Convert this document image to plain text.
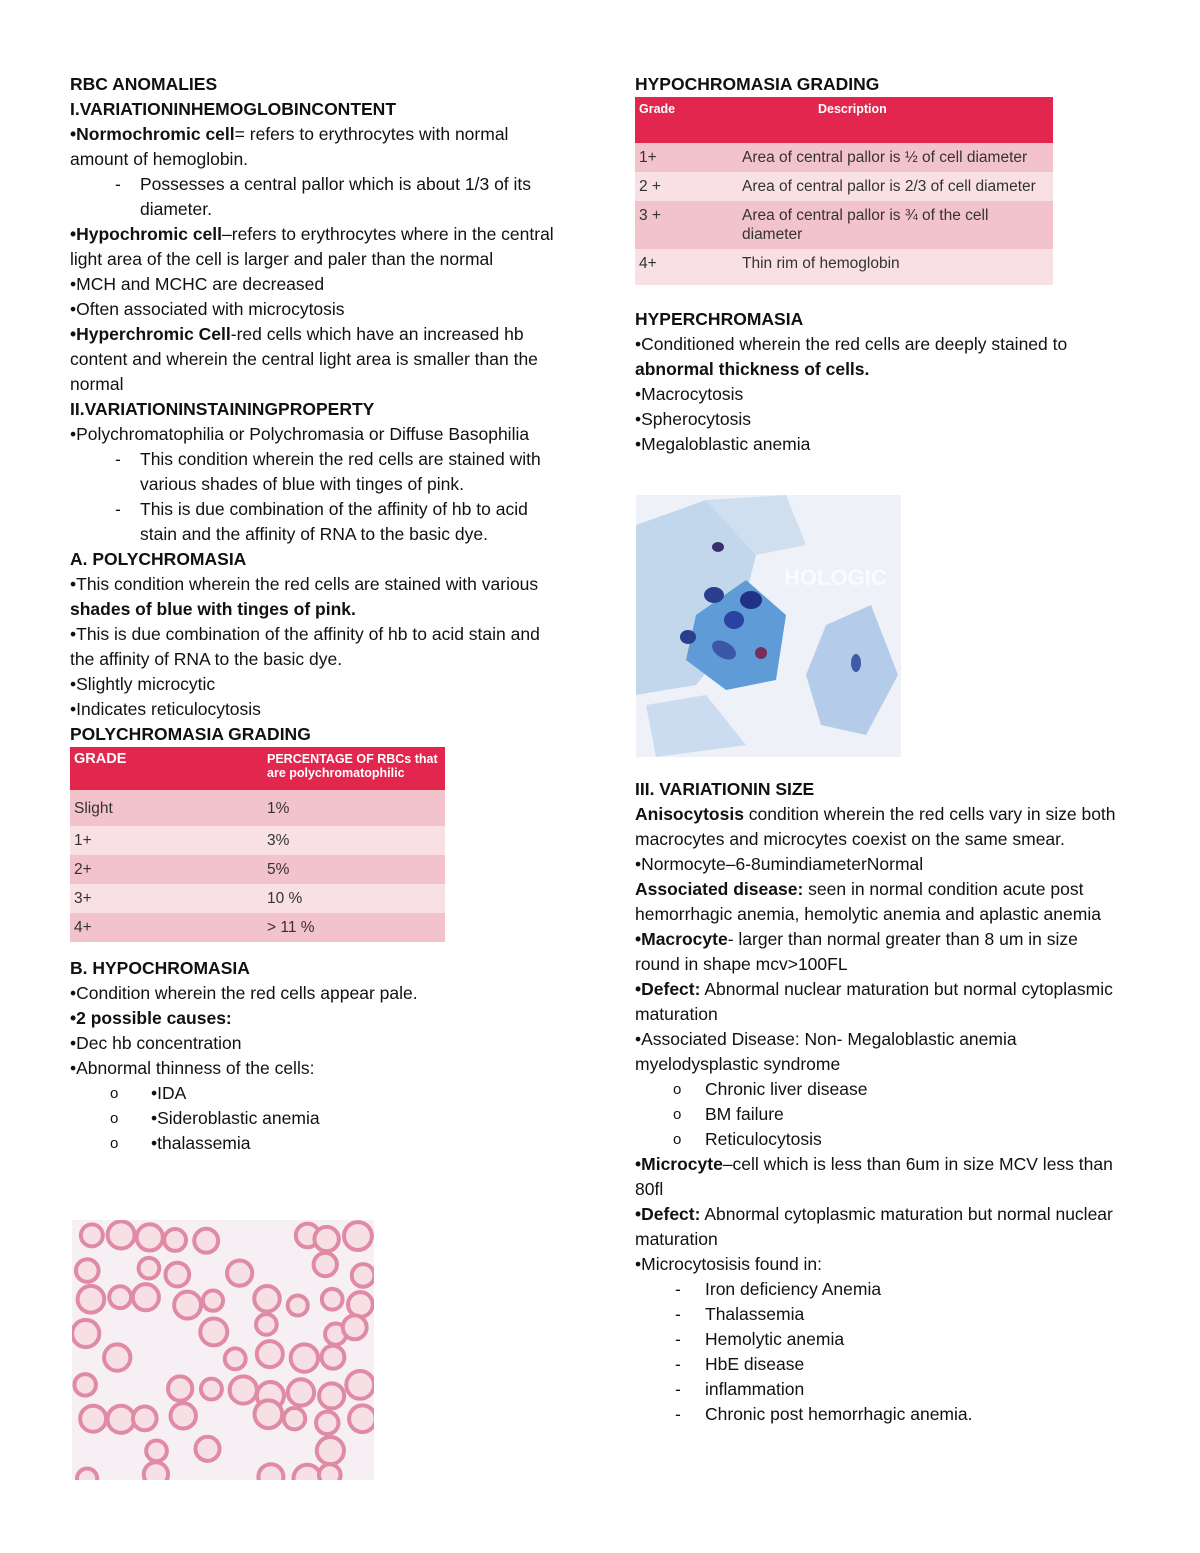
RBC ANOMALIES

I.VARIATIONINHEMOGLOBINCONTENT

•Normochromic cell= refers to erythrocytes with normal amount of hemoglobin.

- Possesses a central pallor which is about 1/3 of its diameter.

•Hypochromic cell–refers to erythrocytes where in the central light area of the cell is larger and paler than the normal

•MCH and MCHC are decreased

•Often associated with microcytosis

•Hyperchromic Cell-red cells which have an increased hb content and wherein the central light area is smaller than the normal

II.VARIATIONINSTAININGPROPERTY

•Polychromatophilia or Polychromasia or Diffuse Basophilia

- This condition wherein the red cells are stained with various shades of blue with tinges of pink.

- This is due combination of the affinity of hb to acid stain and the affinity of RNA to the basic dye.

A. POLYCHROMASIA

•This condition wherein the red cells are stained with various shades of blue with tinges of pink.

•This is due combination of the affinity of hb to acid stain and the affinity of RNA to the basic dye.

•Slightly microcytic

•Indicates reticulocytosis

POLYCHROMASIA GRADING

GRADE	PERCENTAGE OF RBCs that are polychromatophilic
Slight	1%
1+	3%
2+	5%
3+	10 %
4+	> 11 %

B. HYPOCHROMASIA

•Condition wherein the red cells appear pale.

•2 possible causes:

•Dec hb concentration

•Abnormal thinness of the cells:

o •IDA

o •Sideroblastic anemia

o •thalassemia

HYPOCHROMASIA GRADING

Grade	Description
1+	Area of central pallor is ½ of cell diameter
2 +	Area of central pallor is 2/3 of cell diameter
3 +	Area of central pallor is ¾ of the cell diameter
4+	Thin rim of hemoglobin

HYPERCHROMASIA

•Conditioned wherein the red cells are deeply stained to abnormal thickness of cells.

•Macrocytosis

•Spherocytosis

•Megaloblastic anemia

HOLOGIC

III. VARIATIONIN SIZE

Anisocytosis condition wherein the red cells vary in size both macrocytes and microcytes coexist on the same smear.

•Normocyte–6-8umindiameterNormal

Associated disease: seen in normal condition acute post hemorrhagic anemia, hemolytic anemia and aplastic anemia

•Macrocyte- larger than normal greater than 8 um in size round in shape mcv>100FL

•Defect: Abnormal nuclear maturation but normal cytoplasmic maturation

•Associated Disease: Non- Megaloblastic anemia myelodysplastic syndrome

o Chronic liver disease

o BM failure

o Reticulocytosis

•Microcyte–cell which is less than 6um in size MCV less than 80fl

•Defect: Abnormal cytoplasmic maturation but normal nuclear maturation

•Microcytosisis found in:

- Iron deficiency Anemia

- Thalassemia

- Hemolytic anemia

- HbE disease

- inflammation

- Chronic post hemorrhagic anemia.
